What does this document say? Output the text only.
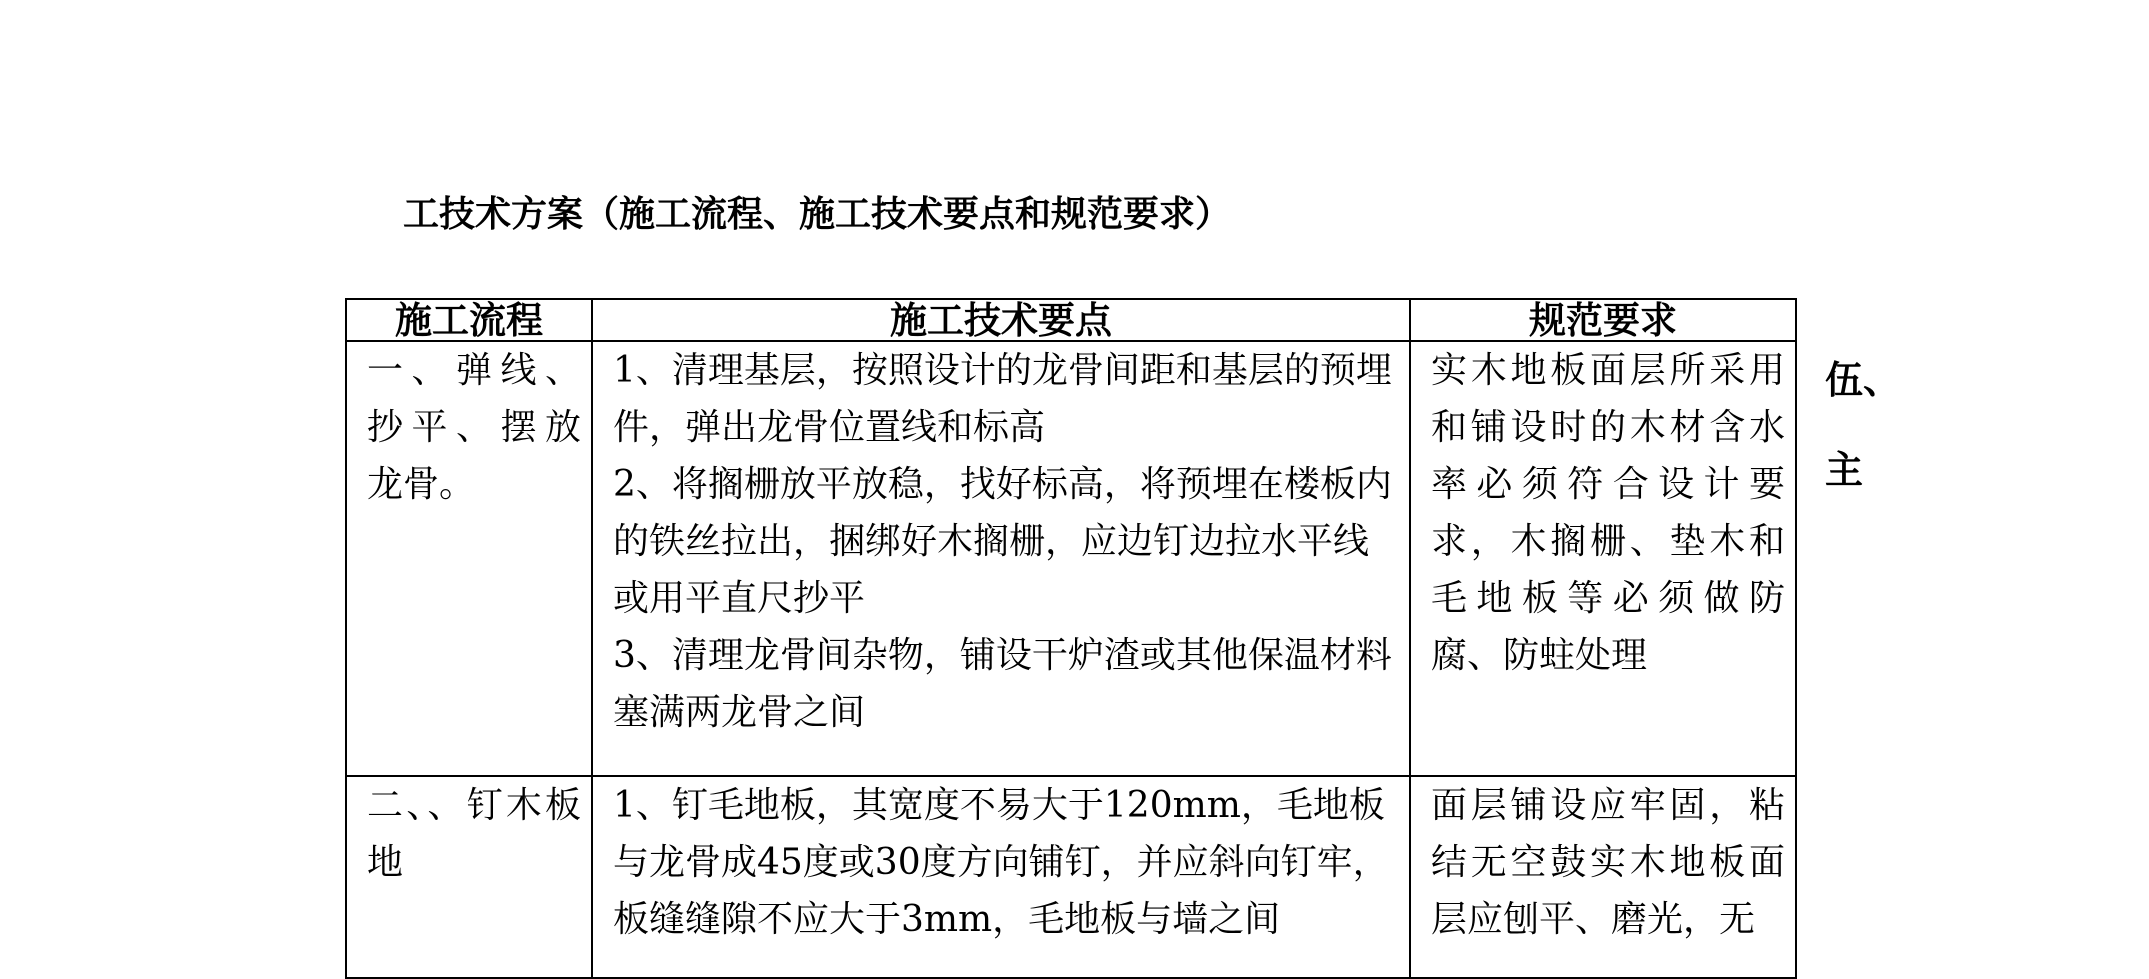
工技术方案（施工流程、施工技术要点和规范要求）
施工流程	施工技术要点	规范要求

一、弹线、抄平、摆放龙骨。	1、清理基层，按照设计的龙骨间距和基层的预埋件，弹出龙骨位置线和标高
2、将搁栅放平放稳，找好标高，将预埋在楼板内的铁丝拉出，捆绑好木搁栅，应边钉边拉水平线或用平直尺抄平
3、清理龙骨间杂物，铺设干炉渣或其他保温材料塞满两龙骨之间	实木地板面层所采用和铺设时的木材含水率必须符合设计要求，木搁栅、垫木和毛地板等必须做防腐、防蛀处理

二、、钉木板地	1、钉毛地板，其宽度不易大于120mm，毛地板与龙骨成45度或30度方向铺钉，并应斜向钉牢，板缝缝隙不应大于3mm，毛地板与墙之间	面层铺设应牢固，粘结无空鼓实木地板面层应刨平、磨光，无
伍、
主
